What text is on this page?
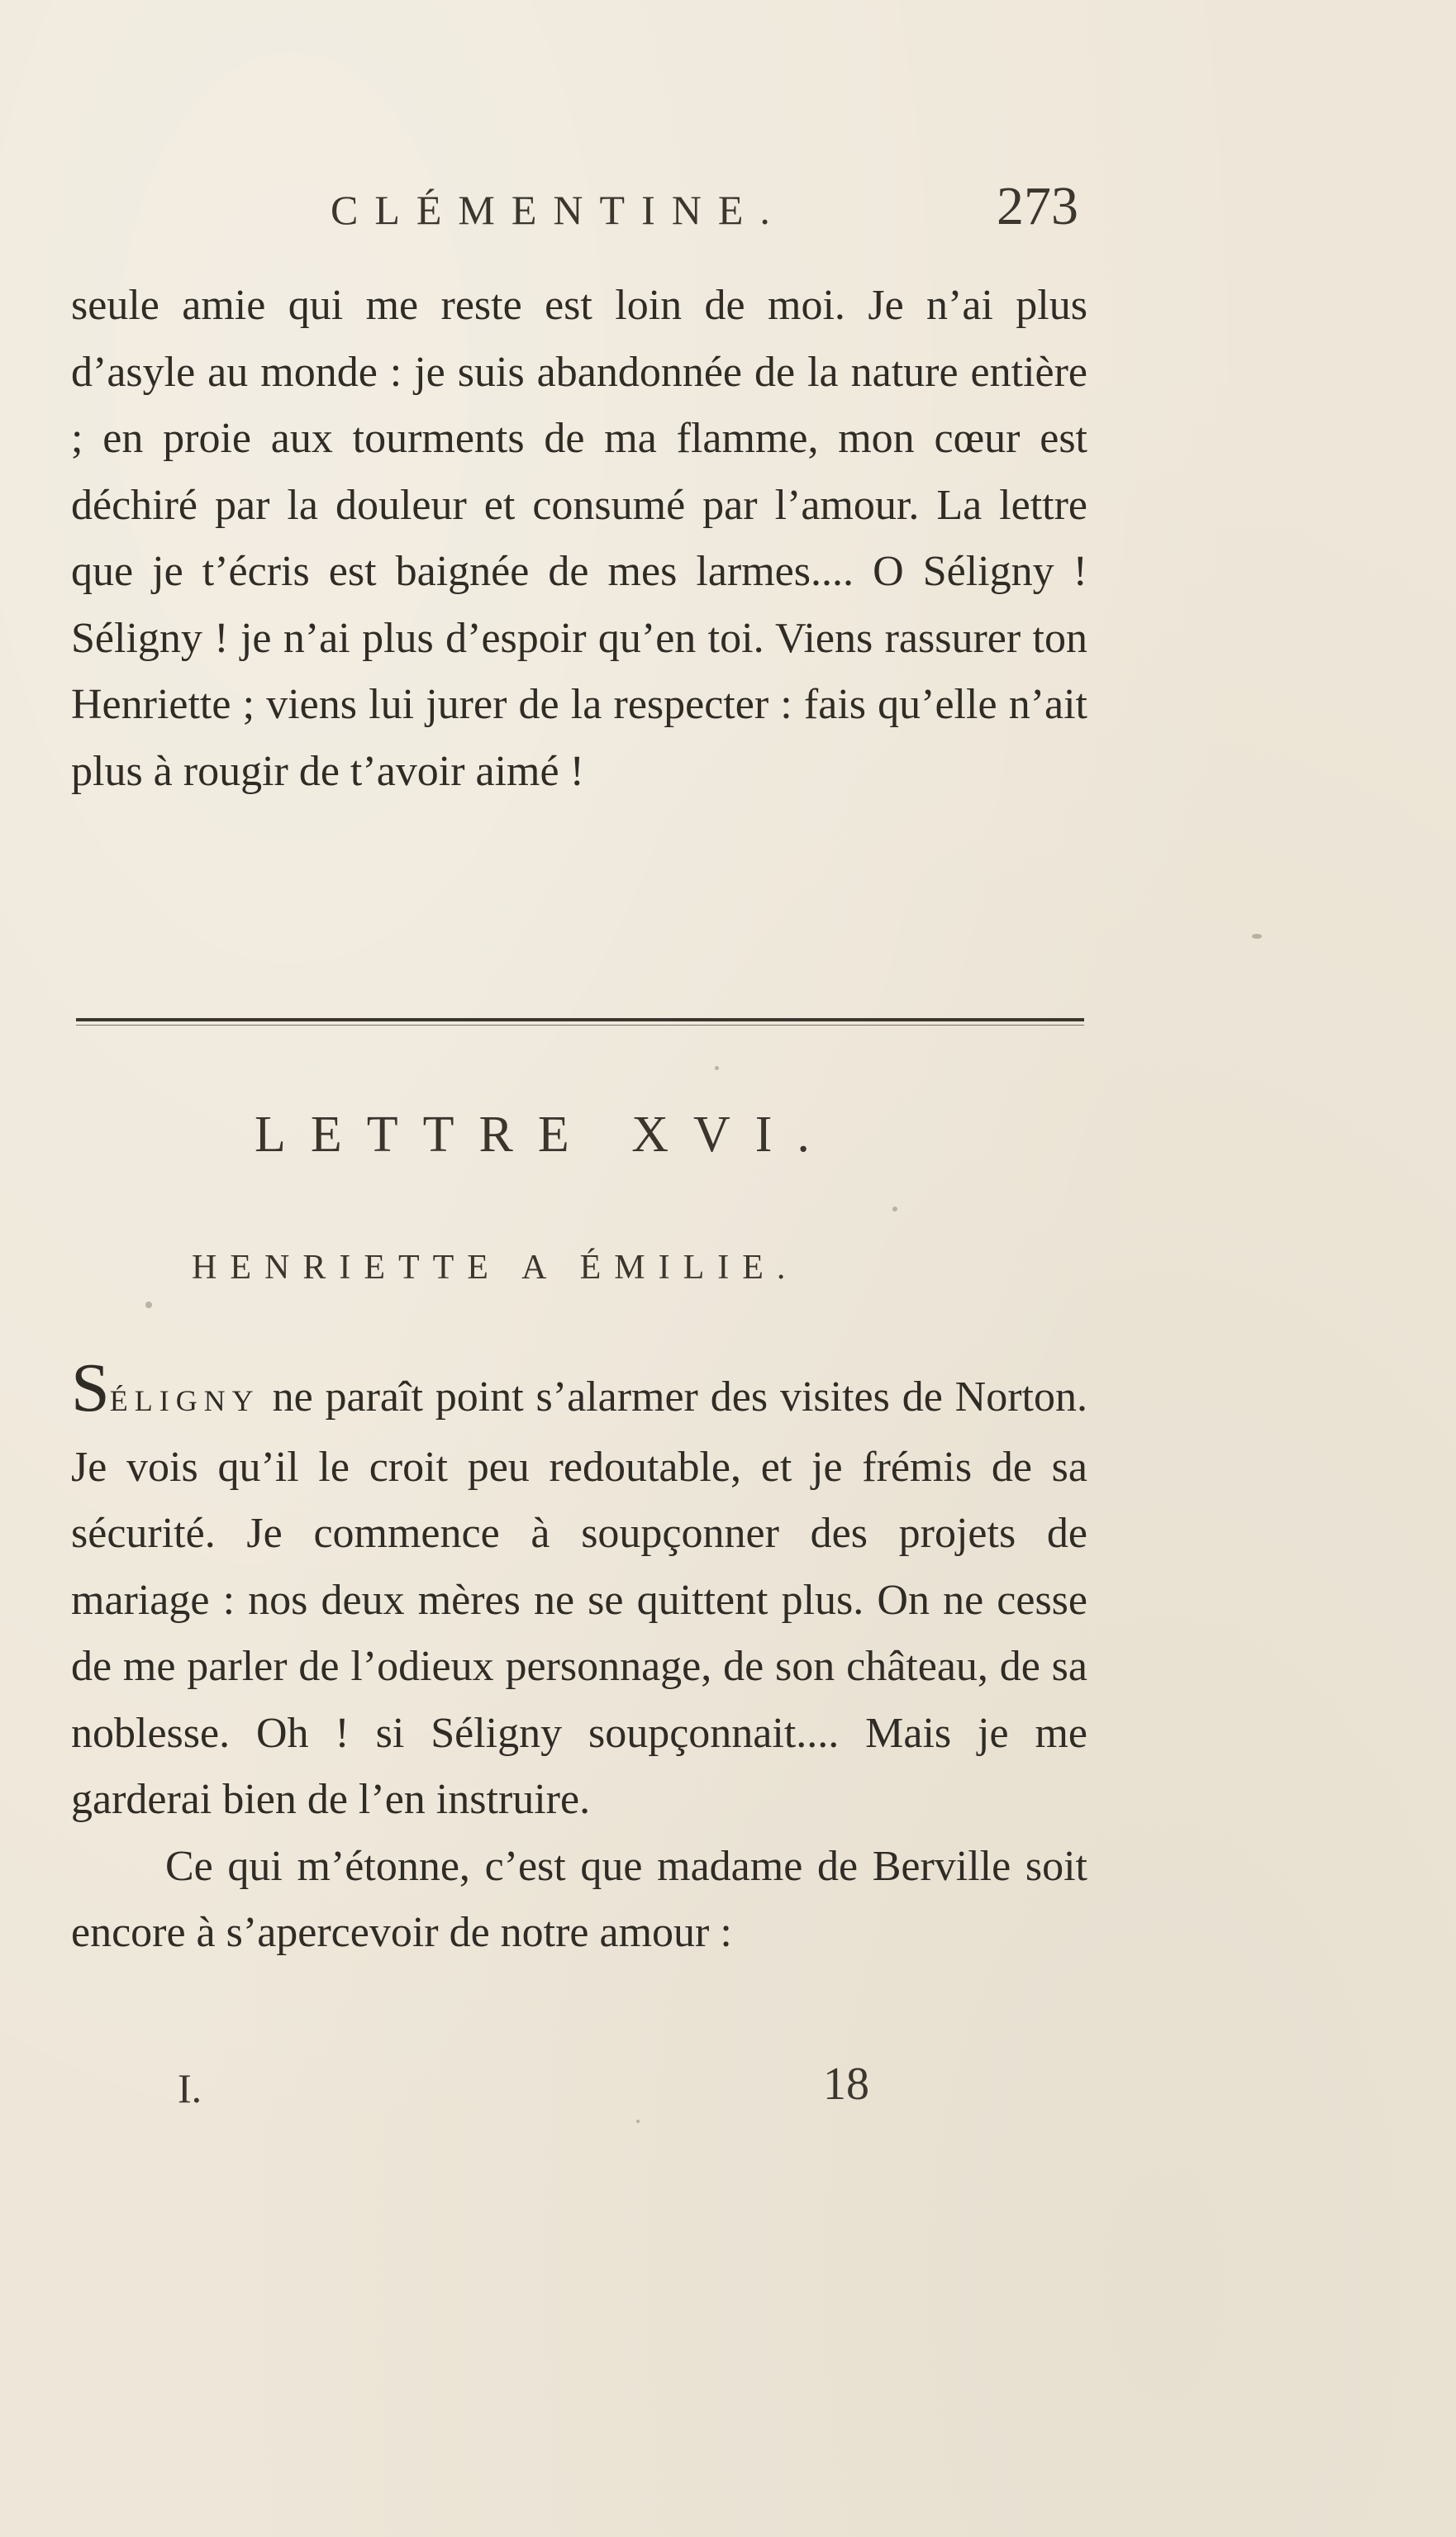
CLÉMENTINE.	273

seule amie qui me reste est loin de moi. Je n’ai plus d’asyle au monde : je suis abandonnée de la nature entière ; en proie aux tourments de ma flamme, mon cœur est déchiré par la douleur et consumé par l’amour. La lettre que je t’écris est baignée de mes larmes.... O Séligny ! Séligny ! je n’ai plus d’espoir qu’en toi. Viens rassurer ton Henriette ; viens lui jurer de la respecter : fais qu’elle n’ait plus à rougir de t’avoir aimé !

LETTRE XVI.
HENRIETTE A ÉMILIE.

SÉLIGNY ne paraît point s’alarmer des visites de Norton. Je vois qu’il le croit peu redoutable, et je frémis de sa sécurité. Je commence à soupçonner des projets de mariage : nos deux mères ne se quittent plus. On ne cesse de me parler de l’odieux personnage, de son château, de sa noblesse. Oh ! si Séligny soupçonnait.... Mais je me garderai bien de l’en instruire.

Ce qui m’étonne, c’est que madame de Berville soit encore à s’apercevoir de notre amour :

I.	18
